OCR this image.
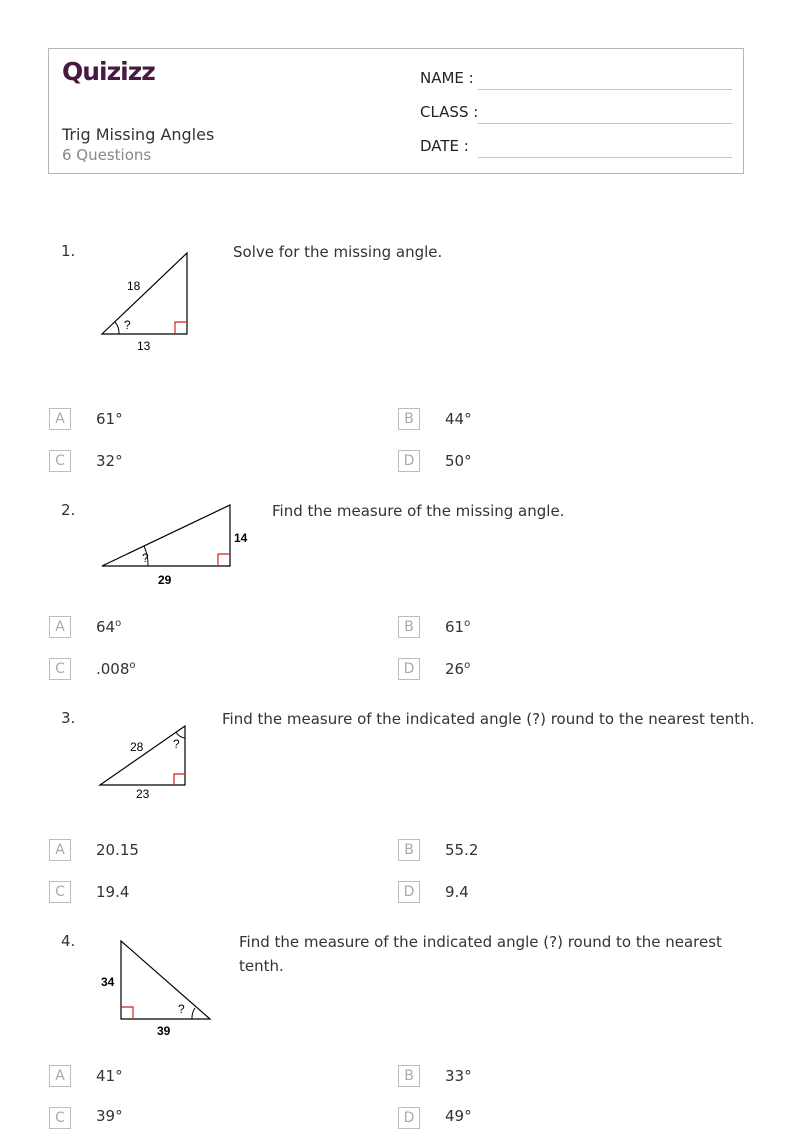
Quizizz
Trig Missing Angles
6 Questions
NAME :
CLASS :
DATE :
1.
18
13
?
Solve for the missing angle.
A	61°	B	44°
C	32°	D	50°
2.
14
29
?
Find the measure of the missing angle.
A	64$^o$	B	61$^o$
C	.008$^o$	D	26$^o$
3.
28
23
?
Find the measure of the indicated angle (?) round to the nearest tenth.
A	20.15	B	55.2
C	19.4	D	9.4
4.
34
39
?
Find the measure of the indicated angle (?) round to the nearest tenth.
A	41°	B	33°
C	39°	D	49°
